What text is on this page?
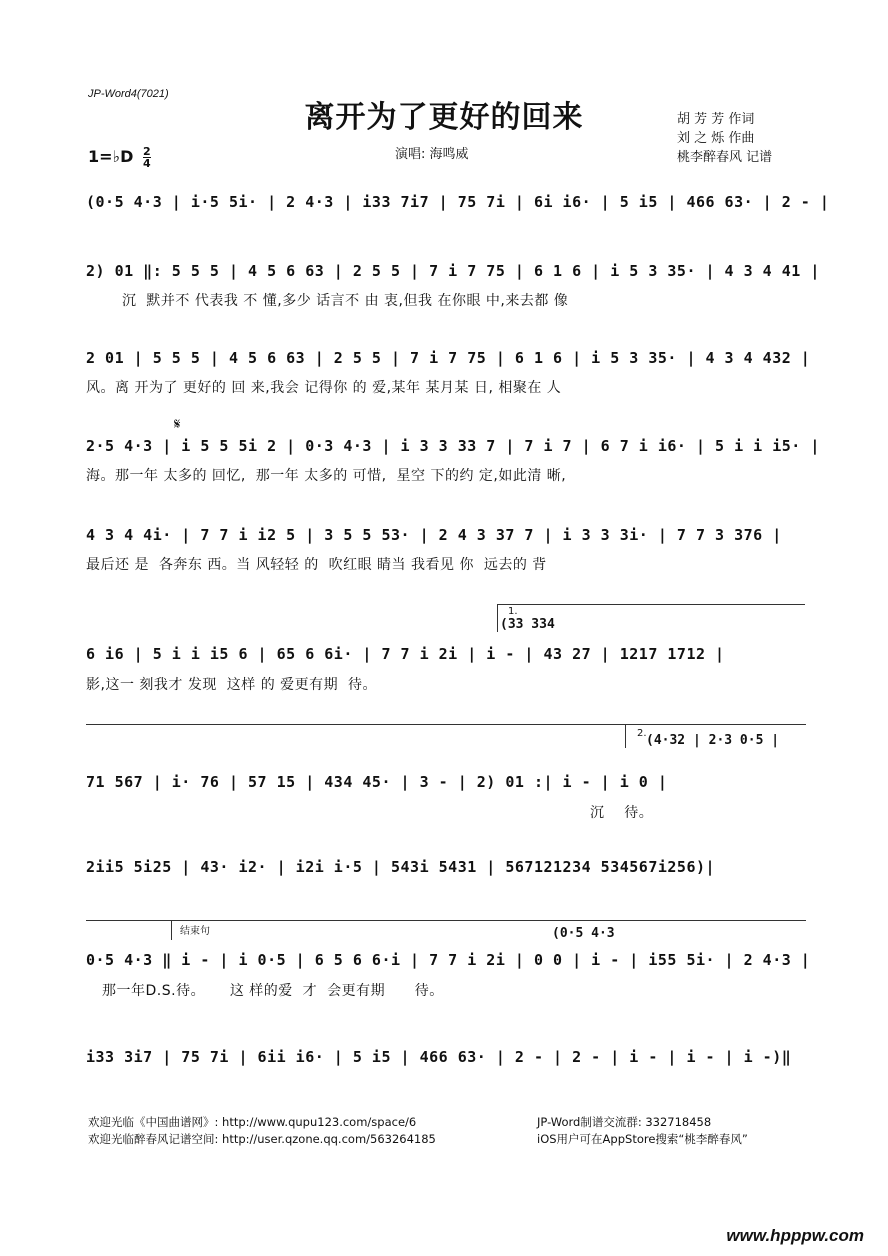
JP-Word4(7021)
离开为了更好的回来
1=♭D $\frac{2}{4}$	演唱: 海鸣威
胡 芳 芳 作词
刘 之 烁 作曲
桃李醉春风 记谱
(0·5 4·3 | i·5 5i· | 2 4·3 | i33 7i7 | 75 7i | 6i i6· | 5 i5 | 466 63· | 2 - |
2) 01 ‖: 5 5 5 | 4 5 6 63 | 2 5 5 | 7 i 7 75 | 6 1 6 | i 5 3 35· | 4 3 4 41 |
沉  默并不 代表我 不 懂,多少 话言不 由 衷,但我 在你眼 中,来去都 像
2 01 | 5 5 5 | 4 5 6 63 | 2 5 5 | 7 i 7 75 | 6 1 6 | i 5 3 35· | 4 3 4 432 |
风。离 开为了 更好的 回 来,我会 记得你 的 爱,某年 某月某 日, 相聚在 人
𝄋
2·5 4·3 | i 5 5 5i 2 | 0·3 4·3 | i 3 3 33 7 | 7 i 7 | 6 7 i i6· | 5 i i i5· |
海。那一年 太多的 回忆,  那一年 太多的 可惜,  星空 下的约 定,如此清 晰,
4 3 4 4i· | 7 7 i i2 5 | 3 5 5 53· | 2 4 3 37 7 | i 3 3 3i· | 7 7 3 376 |
最后还 是  各奔东 西。当 风轻轻 的  吹红眼 睛当 我看见 你  远去的 背
1.
(33 334
6 i6 | 5 i i i5 6 | 65 6 6i· | 7 7 i 2i | i - | 43 27 | 1217 1712 |
影,这一 刻我才 发现  这样 的 爱更有期  待。
2. (4·32 | 2·3 0·5 |
71 567 | i· 76 | 57 15 | 434 45· | 3 - | 2) 01 :| i - | i 0 |
沉    待。
2ii5 5i25 | 43· i2· | i2i i·5 | 543i 5431 | 567121234 534567i256)|
结束句	(0·5 4·3
0·5 4·3 ‖ i - | i 0·5 | 6 5 6 6·i | 7 7 i 2i | 0 0 | i - | i55 5i· | 2 4·3 |
那一年D.S.待。     这 样的爱  才  会更有期      待。
i33 3i7 | 75 7i | 6ii i6· | 5 i5 | 466 63· | 2 - | 2 - | i - | i - | i -)‖
欢迎光临《中国曲谱网》: http://www.qupu123.com/space/6
欢迎光临醉春风记谱空间: http://user.qzone.qq.com/563264185
JP-Word制谱交流群: 332718458
iOS用户可在AppStore搜索“桃李醉春风”
www.hpppw.com
